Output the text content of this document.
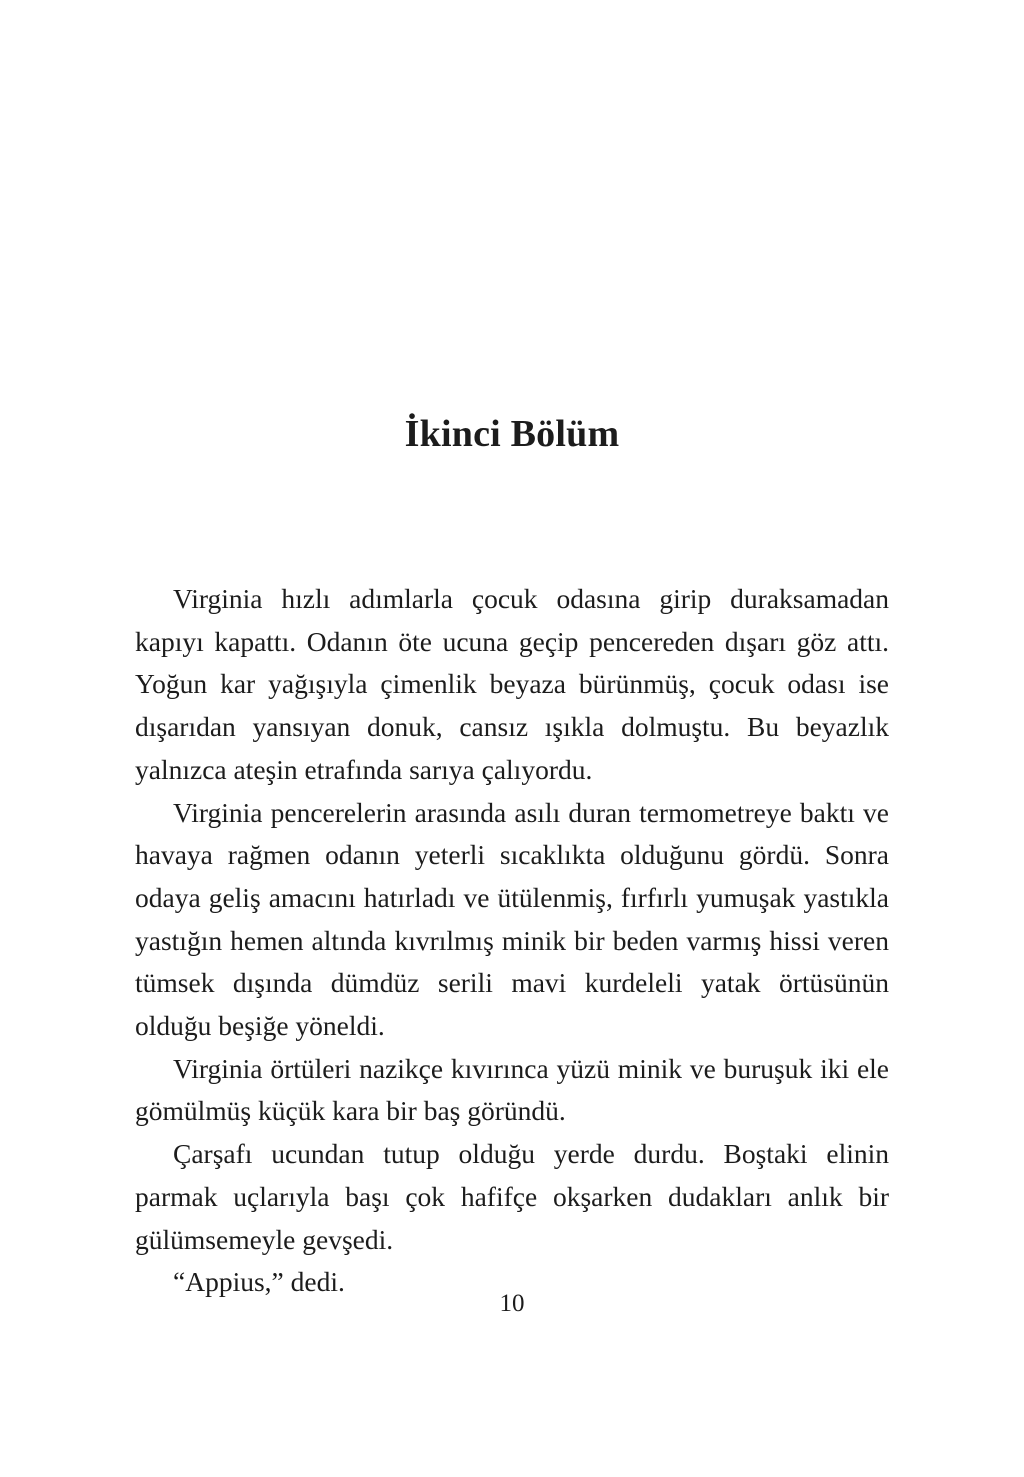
İkinci Bölüm

Virginia hızlı adımlarla çocuk odasına girip duraksamadan kapıyı kapattı. Odanın öte ucuna geçip pencereden dışarı göz attı. Yoğun kar yağışıyla çimenlik beyaza bürünmüş, çocuk odası ise dışarıdan yansıyan donuk, cansız ışıkla dolmuştu. Bu beyazlık yalnızca ateşin etrafında sarıya çalıyordu.

Virginia pencerelerin arasında asılı duran termometreye baktı ve havaya rağmen odanın yeterli sıcaklıkta olduğunu gördü. Sonra odaya geliş amacını hatırladı ve ütülenmiş, fırfırlı yumuşak yastıkla yastığın hemen altında kıvrılmış minik bir beden varmış hissi veren tümsek dışında dümdüz serili mavi kurdeleli yatak örtüsünün olduğu beşiğe yöneldi.

Virginia örtüleri nazikçe kıvırınca yüzü minik ve buruşuk iki ele gömülmüş küçük kara bir baş göründü.

Çarşafı ucundan tutup olduğu yerde durdu. Boştaki elinin parmak uçlarıyla başı çok hafifçe okşarken dudakları anlık bir gülümsemeyle gevşedi.

“Appius,” dedi.

10
